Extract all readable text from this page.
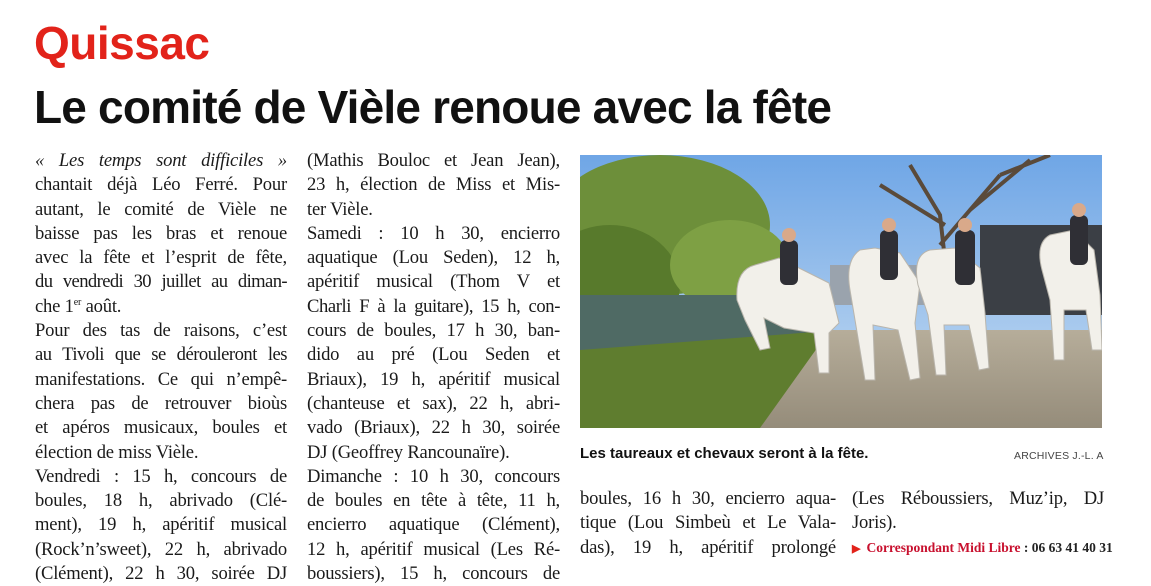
Quissac
Le comité de Vièle renoue avec la fête
« Les temps sont difficiles »
chantait déjà Léo Ferré. Pour
autant, le comité de Vièle ne
baisse pas les bras et renoue
avec la fête et l’esprit de fête,
du vendredi 30 juillet au diman-
che 1er août.
Pour des tas de raisons, c’est
au Tivoli que se dérouleront les
manifestations. Ce qui n’empê-
chera pas de retrouver bioùs
et apéros musicaux, boules et
élection de miss Vièle.
Vendredi : 15 h, concours de
boules, 18 h, abrivado (Clé-
ment), 19 h, apéritif musical
(Rock’n’sweet), 22 h, abrivado
(Clément), 22 h 30, soirée DJ
(Mathis Bouloc et Jean Jean),
23 h, élection de Miss et Mis-
ter Vièle.
Samedi : 10 h 30, encierro
aquatique (Lou Seden), 12 h,
apéritif musical (Thom V et
Charli F à la guitare), 15 h, con-
cours de boules, 17 h 30, ban-
dido au pré (Lou Seden et
Briaux), 19 h, apéritif musical
(chanteuse et sax), 22 h, abri-
vado (Briaux), 22 h 30, soirée
DJ (Geoffrey Rancounaïre).
Dimanche : 10 h 30, concours
de boules en tête à tête, 11 h,
encierro aquatique (Clément),
12 h, apéritif musical (Les Ré-
boussiers), 15 h, concours de
Les taureaux et chevaux seront à la fête.	ARCHIVES J.-L. A
boules, 16 h 30, encierro aqua-
tique (Lou Simbeù et Le Vala-
das), 19 h, apéritif prolongé
(Les Réboussiers, Muz’ip, DJ
Joris).
▶ Correspondant Midi Libre : 06 63 41 40 31
